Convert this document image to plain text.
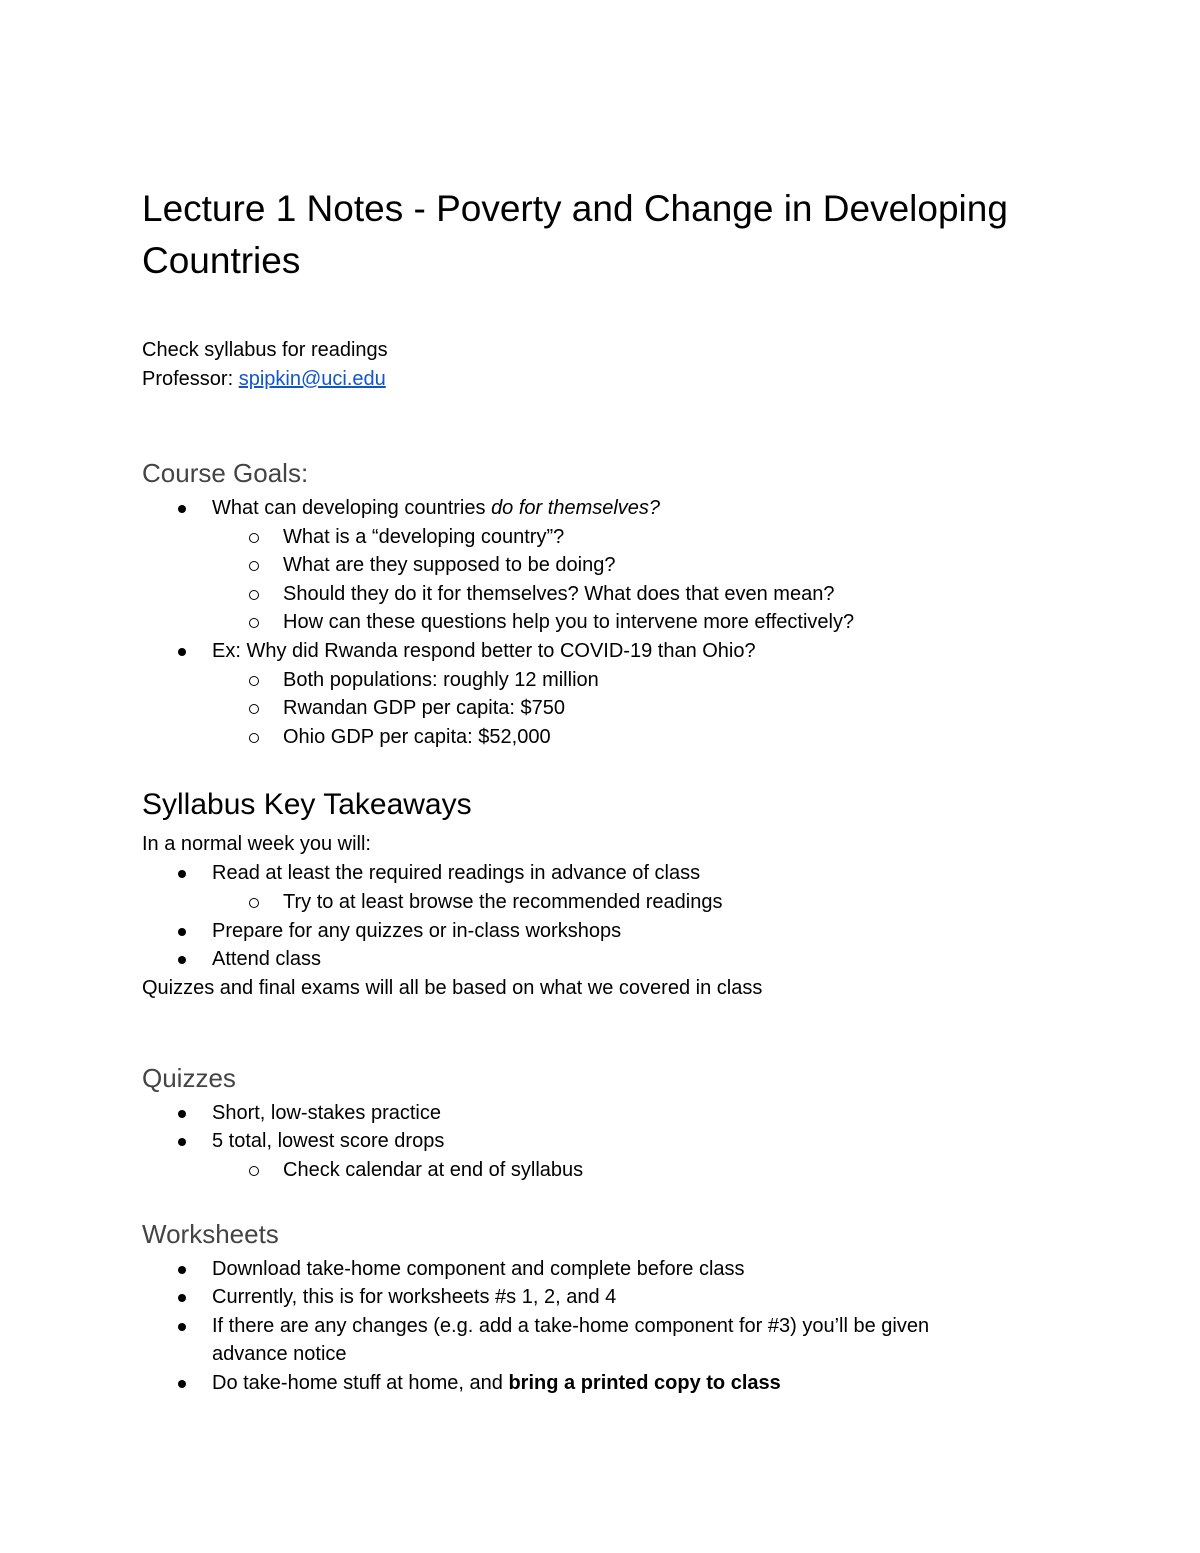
Lecture 1 Notes - Poverty and Change in Developing Countries

Check syllabus for readings

Professor: spipkin@uci.edu

Course Goals:
What can developing countries do for themselves?
What is a “developing country”?
What are they supposed to be doing?
Should they do it for themselves? What does that even mean?
How can these questions help you to intervene more effectively?
Ex: Why did Rwanda respond better to COVID-19 than Ohio?
Both populations: roughly 12 million
Rwandan GDP per capita: $750
Ohio GDP per capita: $52,000
Syllabus Key Takeaways

In a normal week you will:

Read at least the required readings in advance of class
Try to at least browse the recommended readings
Prepare for any quizzes or in-class workshops
Attend class

Quizzes and final exams will all be based on what we covered in class

Quizzes
Short, low-stakes practice
5 total, lowest score drops
Check calendar at end of syllabus
Worksheets
Download take-home component and complete before class
Currently, this is for worksheets #s 1, 2, and 4
If there are any changes (e.g. add a take-home component for #3) you’ll be given advance notice
Do take-home stuff at home, and bring a printed copy to class
